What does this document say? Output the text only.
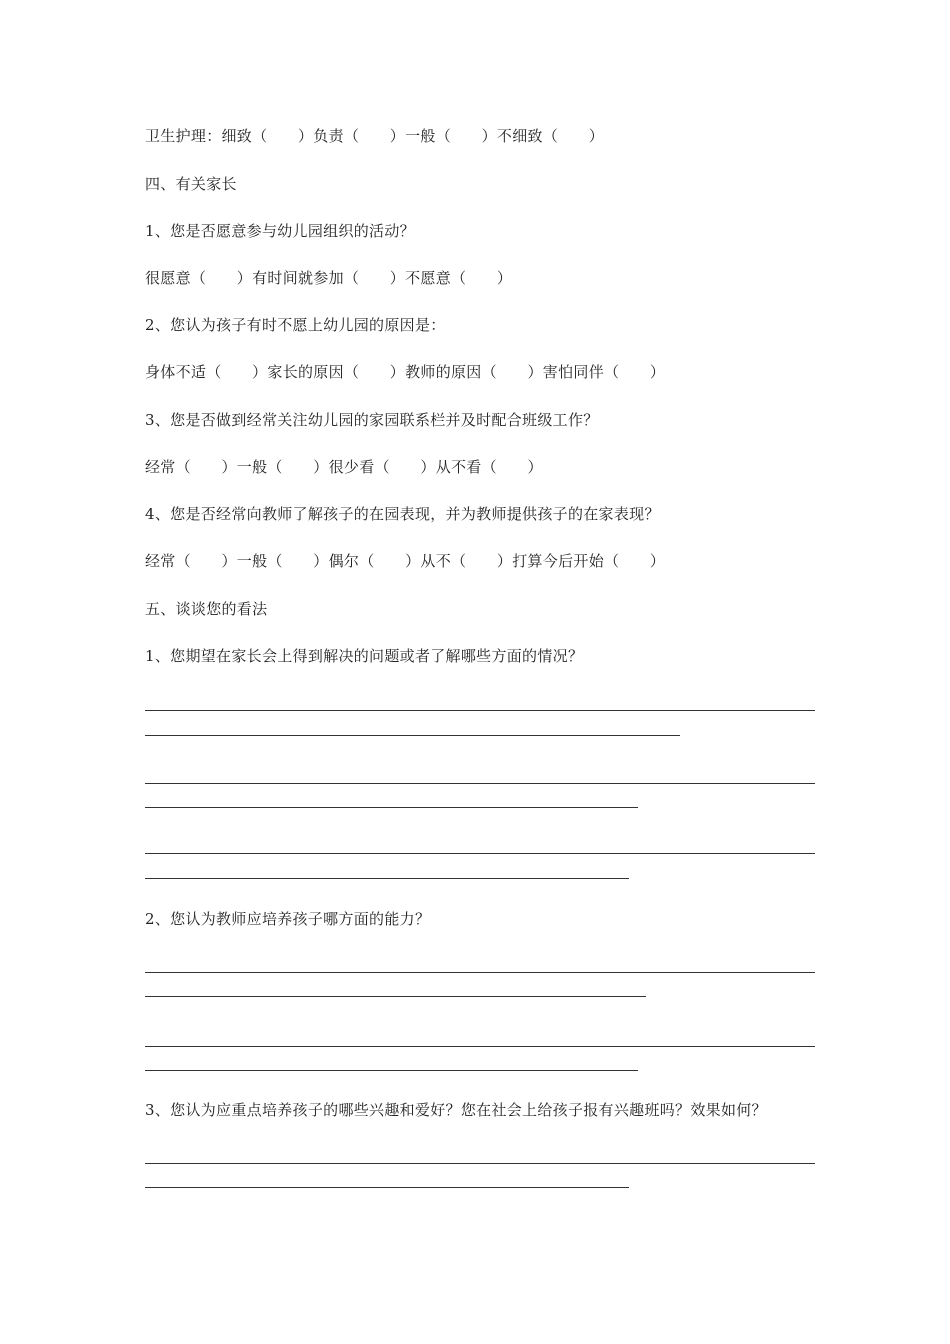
卫生护理：细致（　　）负责（　　）一般（　　）不细致（　　）
四、有关家长
1、您是否愿意参与幼儿园组织的活动？
很愿意（　　）有时间就参加（　　）不愿意（　　）
2、您认为孩子有时不愿上幼儿园的原因是：
身体不适（　　）家长的原因（　　）教师的原因（　　）害怕同伴（　　）
3、您是否做到经常关注幼儿园的家园联系栏并及时配合班级工作？
经常（　　）一般（　　）很少看（　　）从不看（　　）
4、您是否经常向教师了解孩子的在园表现，并为教师提供孩子的在家表现？
经常（　　）一般（　　）偶尔（　　）从不（　　）打算今后开始（　　）
五、谈谈您的看法
1、您期望在家长会上得到解决的问题或者了解哪些方面的情况？
2、您认为教师应培养孩子哪方面的能力？
3、您认为应重点培养孩子的哪些兴趣和爱好？您在社会上给孩子报有兴趣班吗？效果如何？
